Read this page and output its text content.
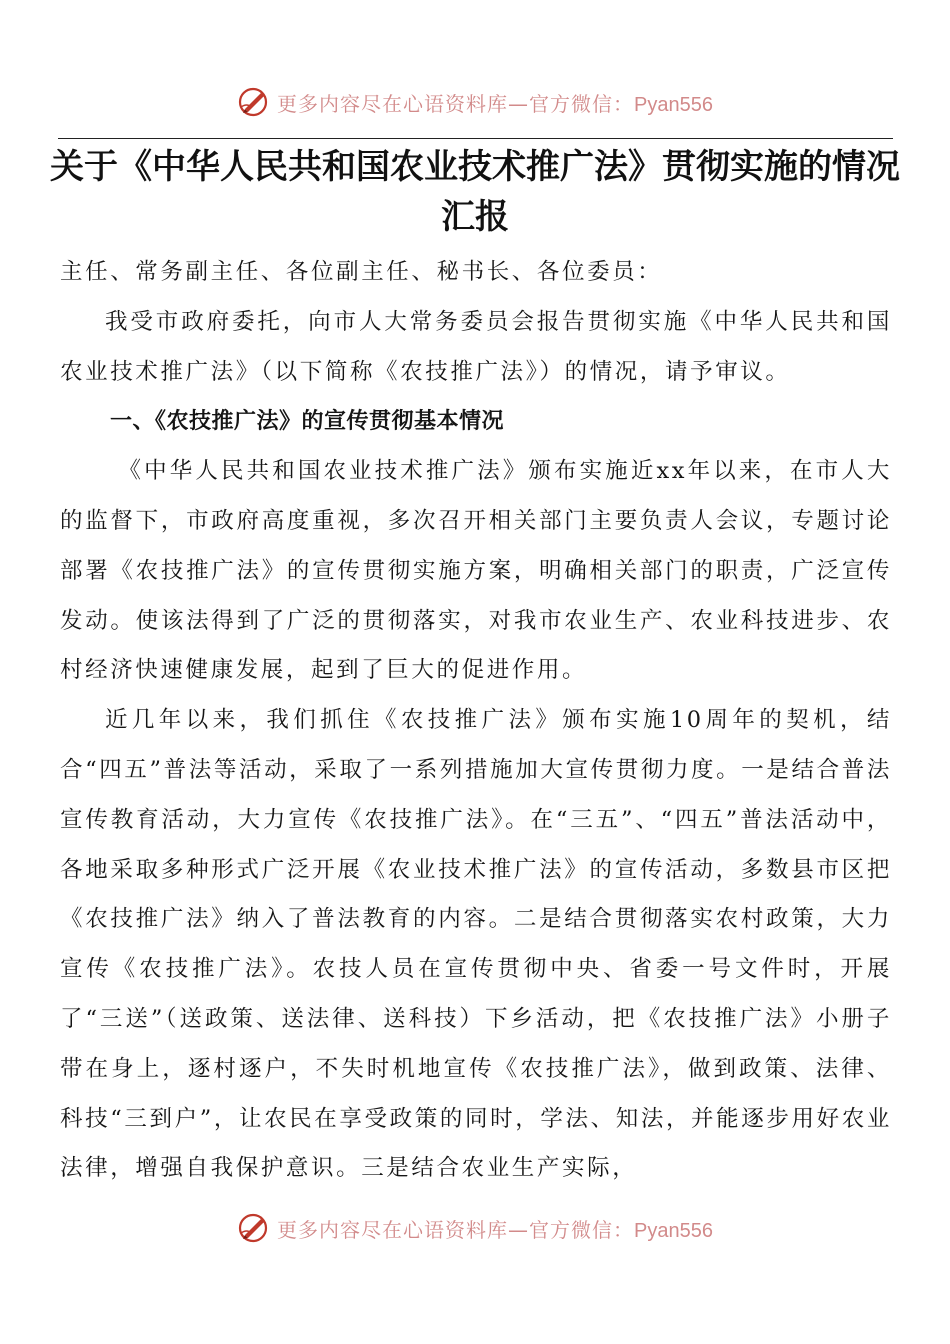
更多内容尽在心语资料库—官方微信：Pyan556
关于《中华人民共和国农业技术推广法》贯彻实施的情况汇报

主任、常务副主任、各位副主任、秘书长、各位委员：

我受市政府委托，向市人大常务委员会报告贯彻实施《中华人民共和国农业技术推广法》（以下简称《农技推广法》）的情况，请予审议。

一、《农技推广法》的宣传贯彻基本情况

《中华人民共和国农业技术推广法》颁布实施近xx年以来，在市人大的监督下，市政府高度重视，多次召开相关部门主要负责人会议，专题讨论部署《农技推广法》的宣传贯彻实施方案，明确相关部门的职责，广泛宣传发动。使该法得到了广泛的贯彻落实，对我市农业生产、农业科技进步、农村经济快速健康发展，起到了巨大的促进作用。

近几年以来，我们抓住《农技推广法》颁布实施10周年的契机，结合“四五”普法等活动，采取了一系列措施加大宣传贯彻力度。一是结合普法宣传教育活动，大力宣传《农技推广法》。在“三五”、“四五”普法活动中，各地采取多种形式广泛开展《农业技术推广法》的宣传活动，多数县市区把《农技推广法》纳入了普法教育的内容。二是结合贯彻落实农村政策，大力宣传《农技推广法》。农技人员在宣传贯彻中央、省委一号文件时，开展了“三送”（送政策、送法律、送科技）下乡活动，把《农技推广法》小册子带在身上，逐村逐户，不失时机地宣传《农技推广法》，做到政策、法律、科技“三到户”，让农民在享受政策的同时，学法、知法，并能逐步用好农业法律，增强自我保护意识。三是结合农业生产实际，

更多内容尽在心语资料库—官方微信：Pyan556
